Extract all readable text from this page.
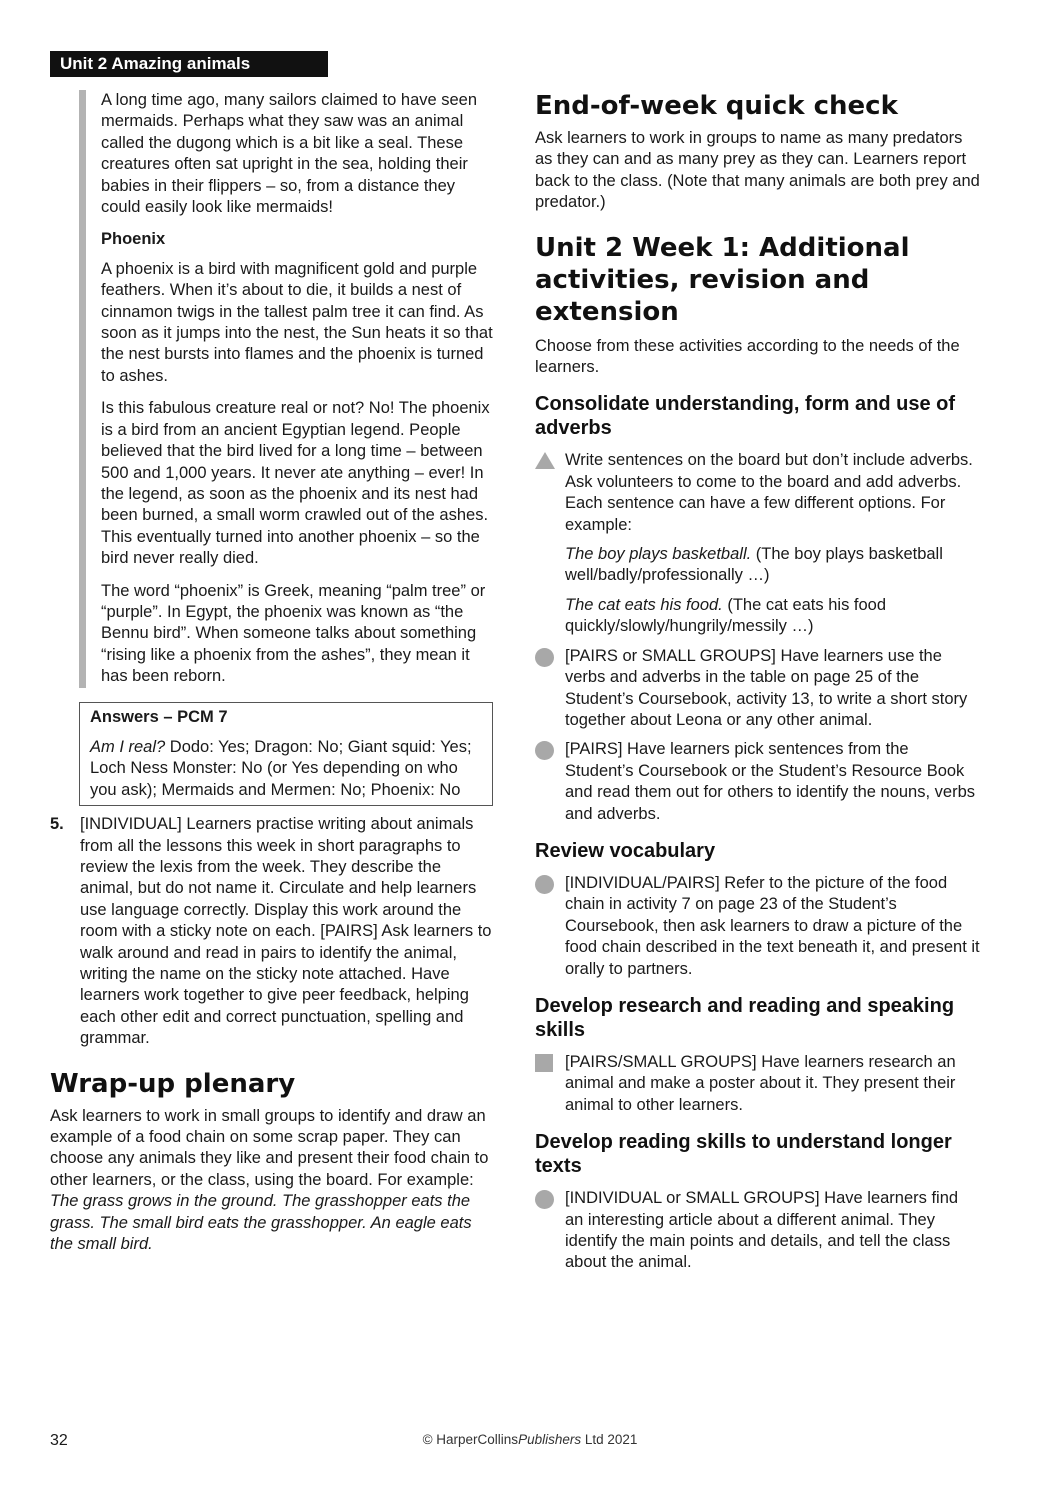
Unit 2 Amazing animals

A long time ago, many sailors claimed to have seen mermaids. Perhaps what they saw was an animal called the dugong which is a bit like a seal. These creatures often sat upright in the sea, holding their babies in their flippers – so, from a distance they could easily look like mermaids!

Phoenix

A phoenix is a bird with magnificent gold and purple feathers. When it’s about to die, it builds a nest of cinnamon twigs in the tallest palm tree it can find. As soon as it jumps into the nest, the Sun heats it so that the nest bursts into flames and the phoenix is turned to ashes.

Is this fabulous creature real or not? No! The phoenix is a bird from an ancient Egyptian legend. People believed that the bird lived for a long time – between 500 and 1,000 years. It never ate anything – ever! In the legend, as soon as the phoenix and its nest had been burned, a small worm crawled out of the ashes. This eventually turned into another phoenix – so the bird never really died.

The word “phoenix” is Greek, meaning “palm tree” or “purple”. In Egypt, the phoenix was known as “the Bennu bird”. When someone talks about something “rising like a phoenix from the ashes”, they mean it has been reborn.

Answers – PCM 7
Am I real? Dodo: Yes; Dragon: No; Giant squid: Yes; Loch Ness Monster: No (or Yes depending on who you ask); Mermaids and Mermen: No; Phoenix: No
5. [INDIVIDUAL] Learners practise writing about animals from all the lessons this week in short paragraphs to review the lexis from the week. They describe the animal, but do not name it. Circulate and help learners use language correctly. Display this work around the room with a sticky note on each. [PAIRS] Ask learners to walk around and read in pairs to identify the animal, writing the name on the sticky note attached. Have learners work together to give peer feedback, helping each other edit and correct punctuation, spelling and grammar.
Wrap-up plenary

Ask learners to work in small groups to identify and draw an example of a food chain on some scrap paper. They can choose any animals they like and present their food chain to other learners, or the class, using the board. For example: The grass grows in the ground. The grasshopper eats the grass. The small bird eats the grasshopper. An eagle eats the small bird.

End-of-week quick check

Ask learners to work in groups to name as many predators as they can and as many prey as they can. Learners report back to the class. (Note that many animals are both prey and predator.)

Unit 2 Week 1: Additional activities, revision and extension

Choose from these activities according to the needs of the learners.

Consolidate understanding, form and use of adverbs

Write sentences on the board but don’t include adverbs. Ask volunteers to come to the board and add adverbs. Each sentence can have a few different options. For example:

The boy plays basketball. (The boy plays basketball well/badly/professionally …)

The cat eats his food. (The cat eats his food quickly/slowly/hungrily/messily …)

[PAIRS or SMALL GROUPS] Have learners use the verbs and adverbs in the table on page 25 of the Student’s Coursebook, activity 13, to write a short story together about Leona or any other animal.
[PAIRS] Have learners pick sentences from the Student’s Coursebook or the Student’s Resource Book and read them out for others to identify the nouns, verbs and adverbs.
Review vocabulary
[INDIVIDUAL/PAIRS] Refer to the picture of the food chain in activity 7 on page 23 of the Student’s Coursebook, then ask learners to draw a picture of the food chain described in the text beneath it, and present it orally to partners.
Develop research and reading and speaking skills
[PAIRS/SMALL GROUPS] Have learners research an animal and make a poster about it. They present their animal to other learners.
Develop reading skills to understand longer texts
[INDIVIDUAL or SMALL GROUPS] Have learners find an interesting article about a different animal. They identify the main points and details, and tell the class about the animal.
32	© HarperCollinsPublishers Ltd 2021
